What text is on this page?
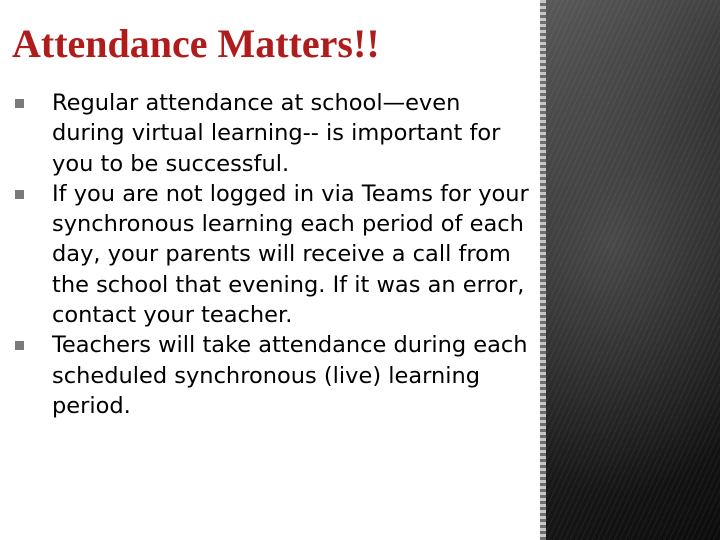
Attendance Matters!!
Regular attendance at school—even during virtual learning-- is important for you to be successful.
If you are not logged in via Teams for your synchronous learning each period of each day, your parents will receive a call from the school that evening. If it was an error, contact your teacher.
Teachers will take attendance during each scheduled synchronous (live) learning period.
